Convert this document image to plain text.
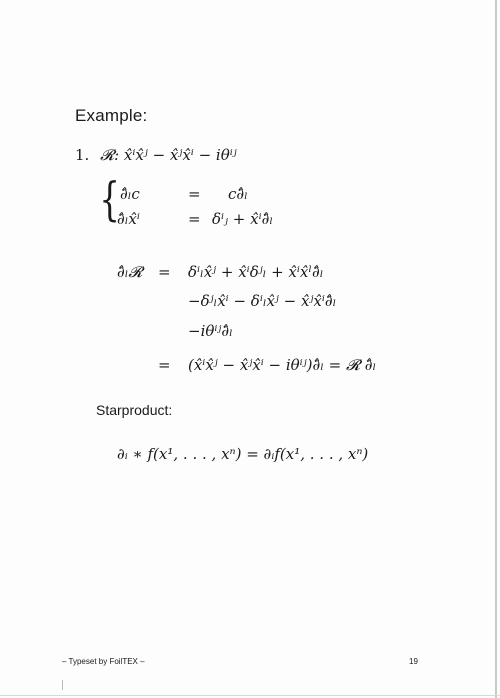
Example:
1. 𝓡: x̂ⁱx̂ʲ − x̂ʲx̂ⁱ − iθⁱʲ
{ ∂̂ₗc	= c∂̂ₗ
∂̂ₗx̂ⁱ	= δⁱⱼ + x̂ⁱ∂̂ₗ
∂̂ₗ𝓡 = δⁱₗx̂ʲ + x̂ⁱδʲₗ + x̂ⁱx̂ˡ∂̂ₗ
−δʲₗx̂ⁱ − δⁱₗx̂ʲ − x̂ʲx̂ⁱ∂̂ₗ
−iθⁱʲ∂̂ₗ
= (x̂ⁱx̂ʲ − x̂ʲx̂ⁱ − iθⁱʲ)∂̂ₗ = 𝓡 ∂̂ₗ
Starproduct:
∂ᵢ ∗ f(x¹, . . . , xⁿ) = ∂ᵢf(x¹, . . . , xⁿ)
– Typeset by FoilTEX –	19
